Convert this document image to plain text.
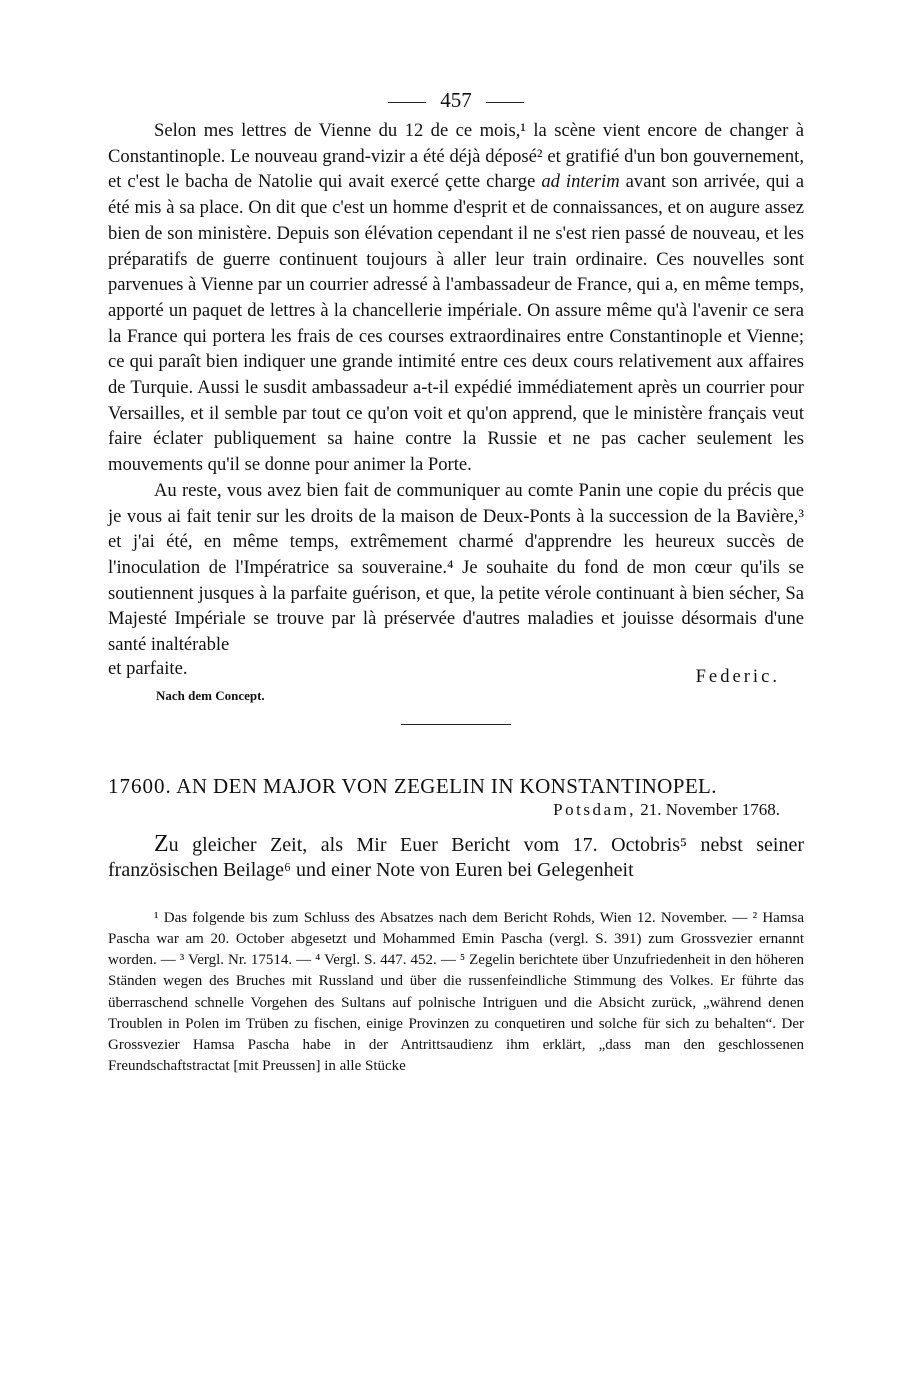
457

Selon mes lettres de Vienne du 12 de ce mois,¹ la scène vient encore de changer à Constantinople. Le nouveau grand-vizir a été déjà déposé² et gratifié d'un bon gouvernement, et c'est le bacha de Natolie qui avait exercé çette charge ad interim avant son arrivée, qui a été mis à sa place. On dit que c'est un homme d'esprit et de connaissances, et on augure assez bien de son ministère. Depuis son élévation cependant il ne s'est rien passé de nouveau, et les préparatifs de guerre continuent toujours à aller leur train ordinaire. Ces nouvelles sont parvenues à Vienne par un courrier adressé à l'ambassadeur de France, qui a, en même temps, apporté un paquet de lettres à la chancellerie impériale. On assure même qu'à l'avenir ce sera la France qui portera les frais de ces courses extraordinaires entre Constantinople et Vienne; ce qui paraît bien indiquer une grande intimité entre ces deux cours relativement aux affaires de Turquie. Aussi le susdit ambassadeur a-t-il expédié immédiatement après un courrier pour Versailles, et il semble par tout ce qu'on voit et qu'on apprend, que le ministère français veut faire éclater publiquement sa haine contre la Russie et ne pas cacher seulement les mouvements qu'il se donne pour animer la Porte.

Au reste, vous avez bien fait de communiquer au comte Panin une copie du précis que je vous ai fait tenir sur les droits de la maison de Deux-Ponts à la succession de la Bavière,³ et j'ai été, en même temps, extrêmement charmé d'apprendre les heureux succès de l'inoculation de l'Impératrice sa souveraine.⁴ Je souhaite du fond de mon cœur qu'ils se soutiennent jusques à la parfaite guérison, et que, la petite vérole continuant à bien sécher, Sa Majesté Impériale se trouve par là préservée d'autres maladies et jouisse désormais d'une santé inaltérable

et parfaite.	Federic.
Nach dem Concept.
17600. AN DEN MAJOR VON ZEGELIN IN KONSTANTINOPEL.
Potsdam, 21. November 1768.

Zu gleicher Zeit, als Mir Euer Bericht vom 17. Octobris⁵ nebst seiner französischen Beilage⁶ und einer Note von Euren bei Gelegenheit

¹ Das folgende bis zum Schluss des Absatzes nach dem Bericht Rohds, Wien 12. November. — ² Hamsa Pascha war am 20. October abgesetzt und Mohammed Emin Pascha (vergl. S. 391) zum Grossvezier ernannt worden. — ³ Vergl. Nr. 17514. — ⁴ Vergl. S. 447. 452. — ⁵ Zegelin berichtete über Unzufriedenheit in den höheren Ständen wegen des Bruches mit Russland und über die russenfeindliche Stimmung des Volkes. Er führte das überraschend schnelle Vorgehen des Sultans auf polnische Intriguen und die Absicht zurück, „während denen Troublen in Polen im Trüben zu fischen, einige Provinzen zu conquetiren und solche für sich zu behalten“. Der Grossvezier Hamsa Pascha habe in der Antrittsaudienz ihm erklärt, „dass man den geschlossenen Freundschaftstractat [mit Preussen] in alle Stücke
